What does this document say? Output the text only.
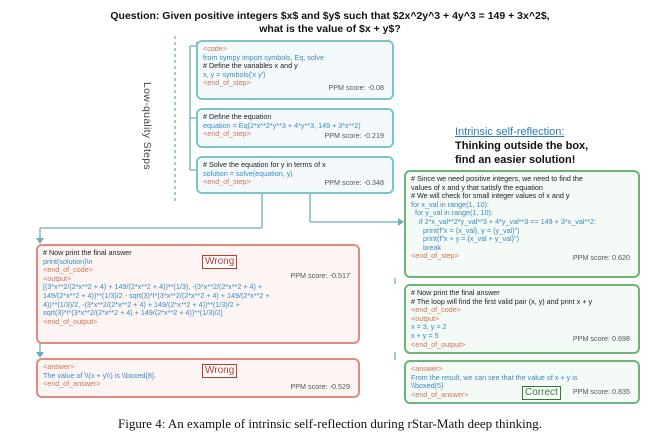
Question: Given positive integers $x$ and $y$ such that $2x^2y^3 + 4y^3 = 149 + 3x^2$,
what is the value of $x + y$?
Low-quality Steps
<code>
from sympy import symbols, Eq, solve
# Define the variables x and y
x, y = symbols('x y')
<end_of_step>
PPM score: -0.08
# Define the equation
equation = Eq(2*x**2*y**3 + 4*y**3, 149 + 3*x**2)
<end_of_step>	PPM score: -0.219
# Solve the equation for y in terms of x
solution = solve(equation, y)
<end_of_step>	PPM score: -0.348
Intrinsic self-reflection:
Thinking outside the box,
find an easier solution!
# Now print the final answer
print(solution)\n
<end_of_code>
<output>
[(3*x**2/(2*x**2 + 4) + 149/(2*x**2 + 4))**(1/3), -(3*x**2/(2*x**2 + 4) +
149/(2*x**2 + 4))**(1/3)/2 - sqrt(3)*I*(3*x**2/(2*x**2 + 4) + 149/(2*x**2 +
4))**(1/3)/2, -(3*x**2/(2*x**2 + 4) + 149/(2*x**2 + 4))**(1/3)/2 +
sqrt(3)*I*(3*x**2/(2*x**2 + 4) + 149/(2*x**2 + 4))**(1/3)/2]
<end_of_output>
Wrong
PPM score: -0.517
<answer>
The value of \\(x + y\\) is \\boxed{8}.
<end_of_answer>
Wrong
PPM score: -0.529
# Since we need positive integers, we need to find the
values of x and y that satisfy the equation
# We will check for small integer values of x and y
for x_val in range(1, 10):
for y_val in range(1, 10):
if 2*x_val**2*y_val**3 + 4*y_val**3 == 149 + 3*x_val**2:
print(f"x = {x_val}, y = {y_val}")
print(f"x + y = {x_val + y_val}")
break
<end_of_step>	PPM score: 0.620
# Now print the final answer
# The loop will find the first valid pair (x, y) and print x + y
<end_of_code>
<output>
x = 3, y = 2
x + y = 5
<end_of_output>
PPM score: 0.698
<answer>
From the result, we can see that the value of x + y is
\\boxed{5}
<end_of_answer>	Correct	PPM score: 0.835
Figure 4: An example of intrinsic self-reflection during rStar-Math deep thinking.
